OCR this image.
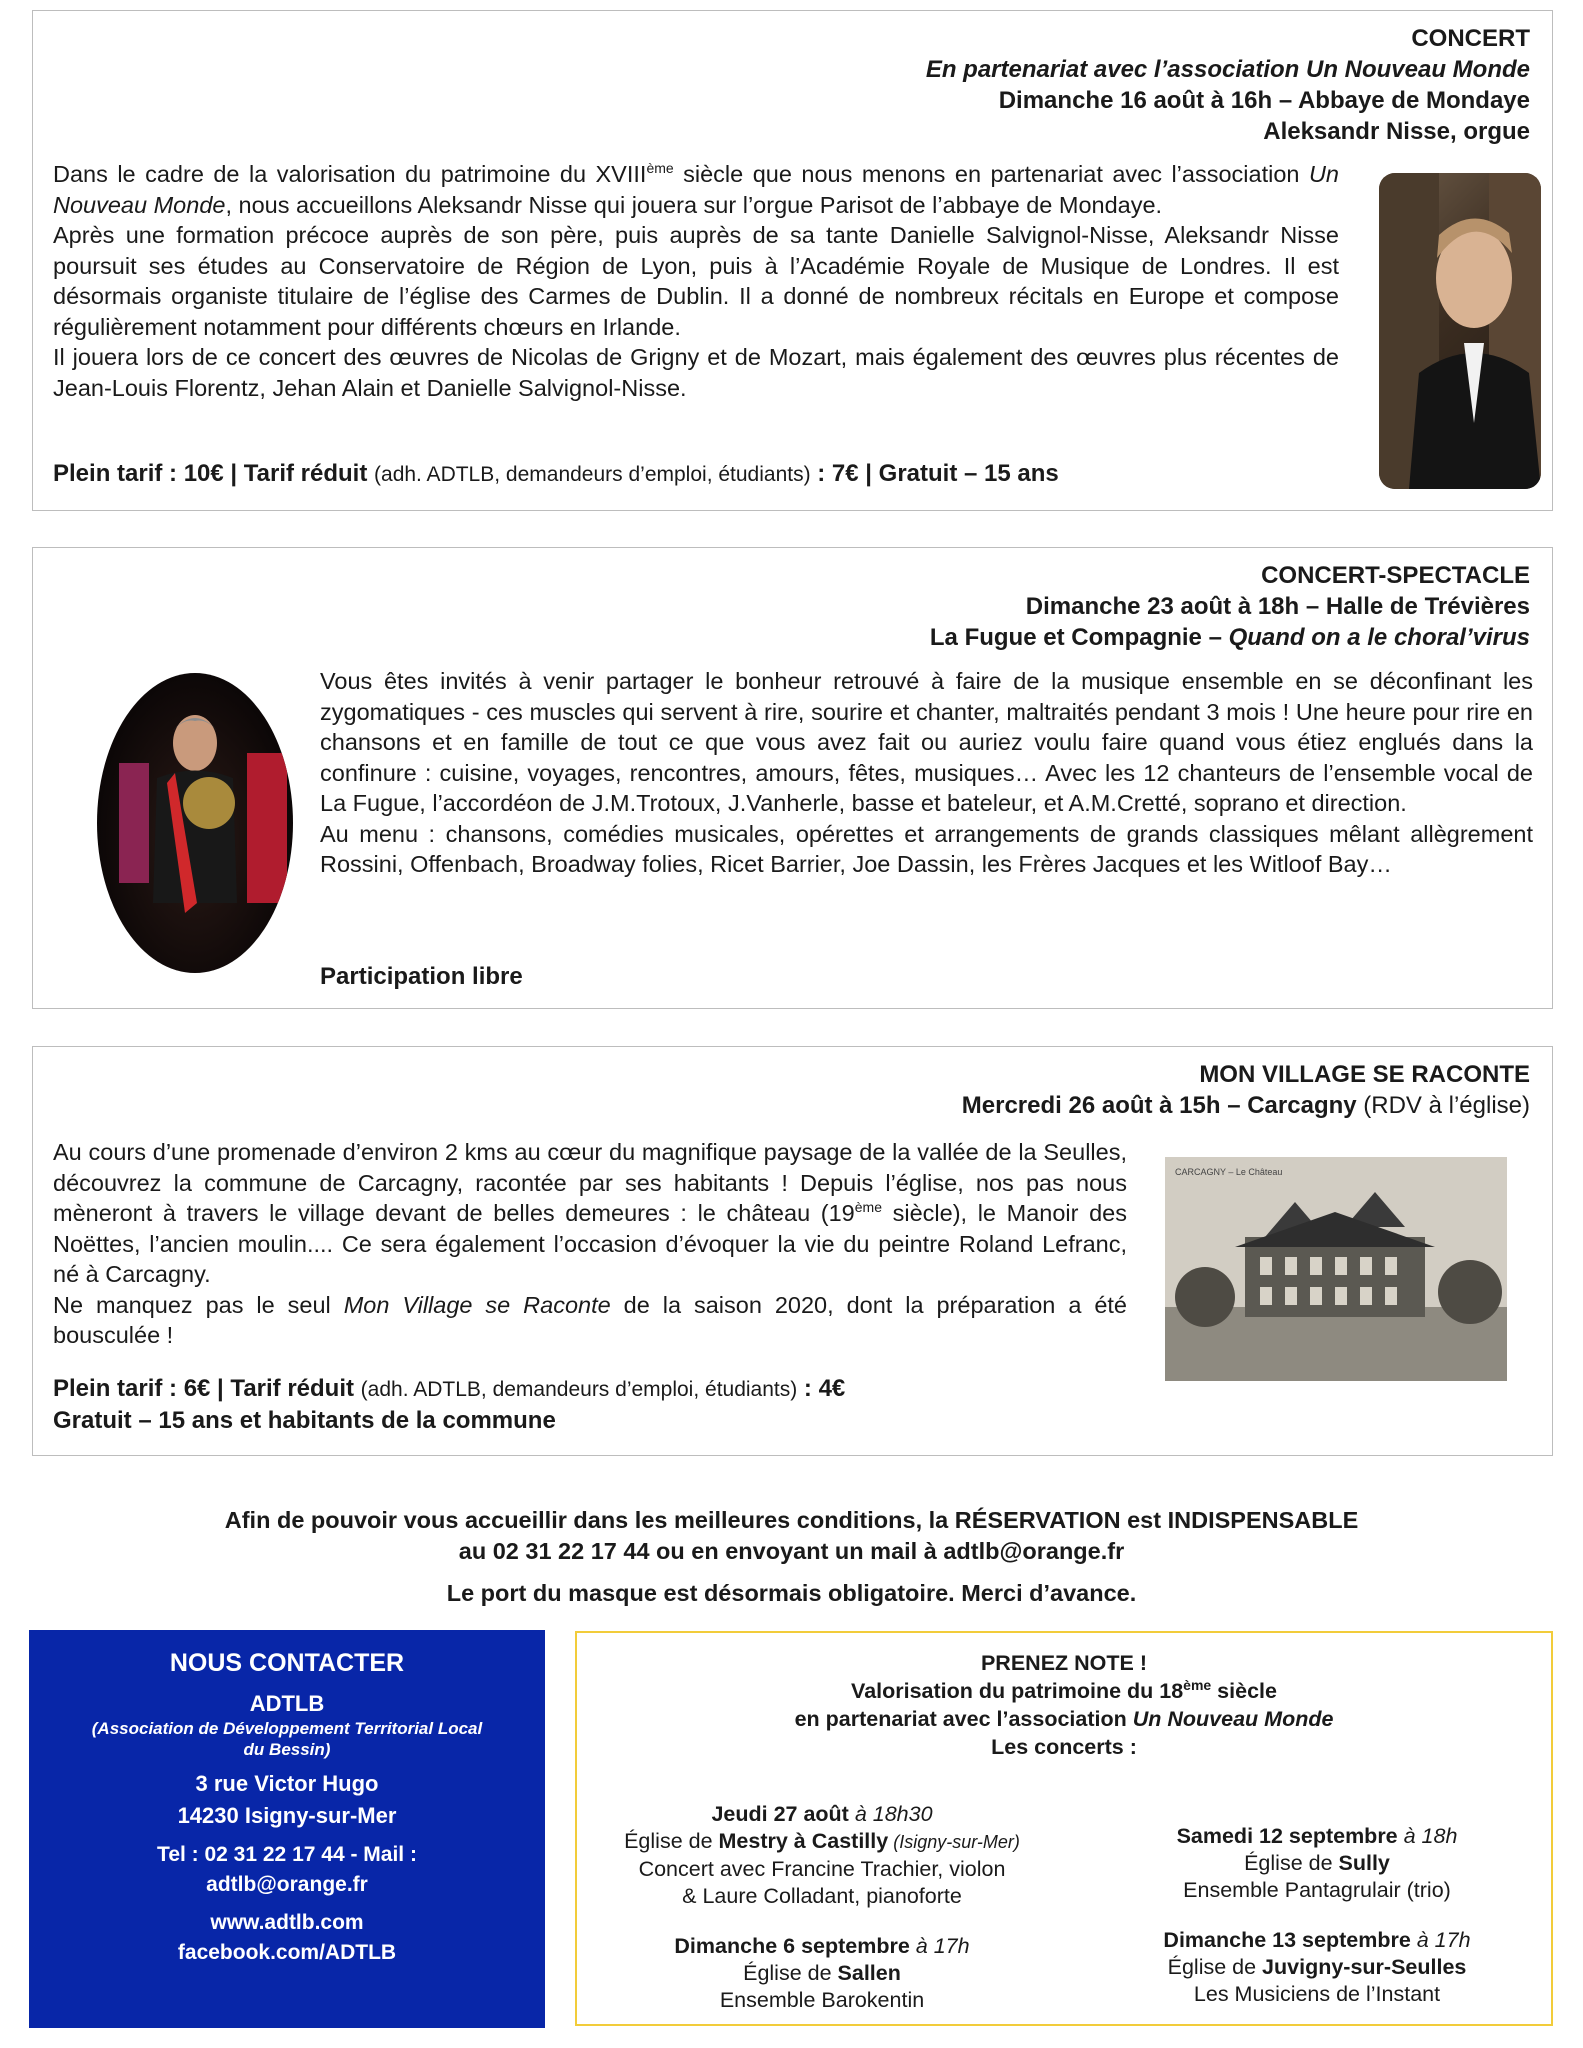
CONCERT
En partenariat avec l’association Un Nouveau Monde
Dimanche 16 août à 16h – Abbaye de Mondaye
Aleksandr Nisse, orgue

Dans le cadre de la valorisation du patrimoine du XVIIIème siècle que nous menons en partenariat avec l’association Un Nouveau Monde, nous accueillons Aleksandr Nisse qui jouera sur l’orgue Parisot de l’abbaye de Mondaye.

Après une formation précoce auprès de son père, puis auprès de sa tante Danielle Salvignol-Nisse, Aleksandr Nisse poursuit ses études au Conservatoire de Région de Lyon, puis à l’Académie Royale de Musique de Londres. Il est désormais organiste titulaire de l’église des Carmes de Dublin. Il a donné de nombreux récitals en Europe et compose régulièrement notamment pour différents chœurs en Irlande.

Il jouera lors de ce concert des œuvres de Nicolas de Grigny et de Mozart, mais également des œuvres plus récentes de Jean-Louis Florentz, Jehan Alain et Danielle Salvignol-Nisse.

Plein tarif : 10€ | Tarif réduit (adh. ADTLB, demandeurs d’emploi, étudiants) : 7€ | Gratuit – 15 ans
CONCERT-SPECTACLE
Dimanche 23 août à 18h – Halle de Trévières
La Fugue et Compagnie – Quand on a le choral’virus

Vous êtes invités à venir partager le bonheur retrouvé à faire de la musique ensemble en se déconfinant les zygomatiques - ces muscles qui servent à rire, sourire et chanter, maltraités pendant 3 mois ! Une heure pour rire en chansons et en famille de tout ce que vous avez fait ou auriez voulu faire quand vous étiez englués dans la confinure : cuisine, voyages, rencontres, amours, fêtes, musiques… Avec les 12 chanteurs de l’ensemble vocal de La Fugue, l’accordéon de J.M.Trotoux, J.Vanherle, basse et bateleur, et A.M.Cretté, soprano et direction.

Au menu : chansons, comédies musicales, opérettes et arrangements de grands classiques mêlant allègrement Rossini, Offenbach, Broadway folies, Ricet Barrier, Joe Dassin, les Frères Jacques et les Witloof Bay…

Participation libre
MON VILLAGE SE RACONTE
Mercredi 26 août à 15h – Carcagny (RDV à l’église)

Au cours d’une promenade d’environ 2 kms au cœur du magnifique paysage de la vallée de la Seulles, découvrez la commune de Carcagny, racontée par ses habitants ! Depuis l’église, nos pas nous mèneront à travers le village devant de belles demeures : le château (19ème siècle), le Manoir des Noëttes, l’ancien moulin.... Ce sera également l’occasion d’évoquer la vie du peintre Roland Lefranc, né à Carcagny.

Ne manquez pas le seul Mon Village se Raconte de la saison 2020, dont la préparation a été bousculée !

Plein tarif : 6€ | Tarif réduit (adh. ADTLB, demandeurs d’emploi, étudiants) : 4€
Gratuit – 15 ans et habitants de la commune
CARCAGNY – Le Château
Afin de pouvoir vous accueillir dans les meilleures conditions, la RÉSERVATION est INDISPENSABLE
au 02 31 22 17 44 ou en envoyant un mail à adtlb@orange.fr
Le port du masque est désormais obligatoire. Merci d’avance.
NOUS CONTACTER
ADTLB
(Association de Développement Territorial Local du Bessin)
3 rue Victor Hugo
14230 Isigny-sur-Mer
Tel : 02 31 22 17 44 - Mail :
adtlb@orange.fr
www.adtlb.com
facebook.com/ADTLB
PRENEZ NOTE !
Valorisation du patrimoine du 18ème siècle
en partenariat avec l’association Un Nouveau Monde
Les concerts :
Jeudi 27 août à 18h30
Église de Mestry à Castilly (Isigny-sur-Mer)
Concert avec Francine Trachier, violon
& Laure Colladant, pianoforte
Dimanche 6 septembre à 17h
Église de Sallen
Ensemble Barokentin
Samedi 12 septembre à 18h
Église de Sully
Ensemble Pantagrulair (trio)
Dimanche 13 septembre à 17h
Église de Juvigny-sur-Seulles
Les Musiciens de l’Instant
